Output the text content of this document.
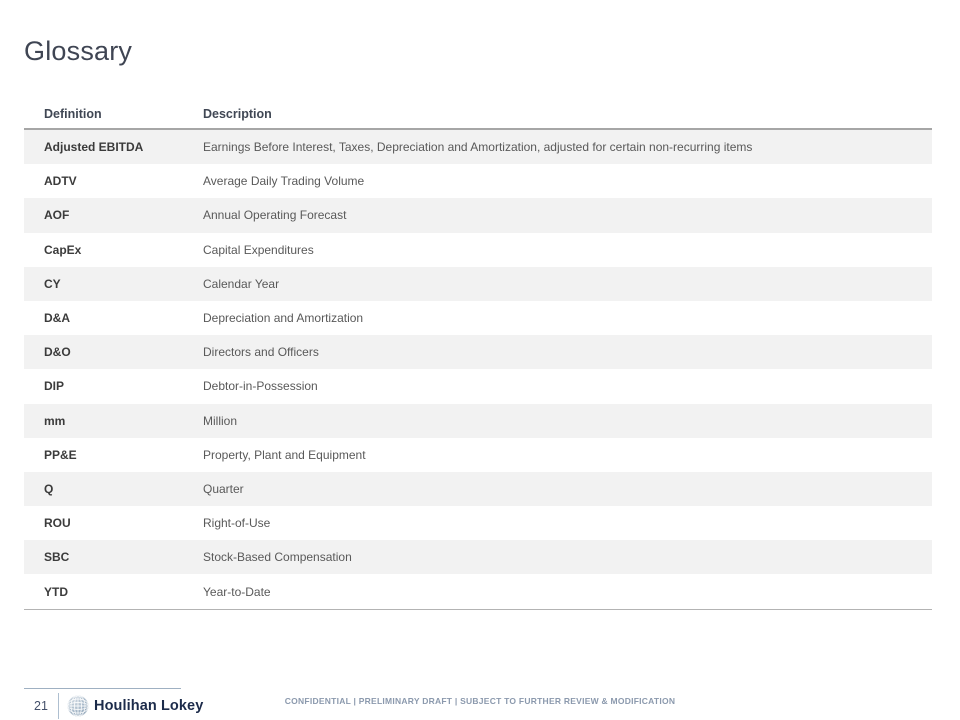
Glossary
Definition	Description
Adjusted EBITDA	Earnings Before Interest, Taxes, Depreciation and Amortization, adjusted for certain non-recurring items
ADTV	Average Daily Trading Volume
AOF	Annual Operating Forecast
CapEx	Capital Expenditures
CY	Calendar Year
D&A	Depreciation and Amortization
D&O	Directors and Officers
DIP	Debtor-in-Possession
mm	Million
PP&E	Property, Plant and Equipment
Q	Quarter
ROU	Right-of-Use
SBC	Stock-Based Compensation
YTD	Year-to-Date
21	Houlihan Lokey	CONFIDENTIAL | PRELIMINARY DRAFT | SUBJECT TO FURTHER REVIEW & MODIFICATION
